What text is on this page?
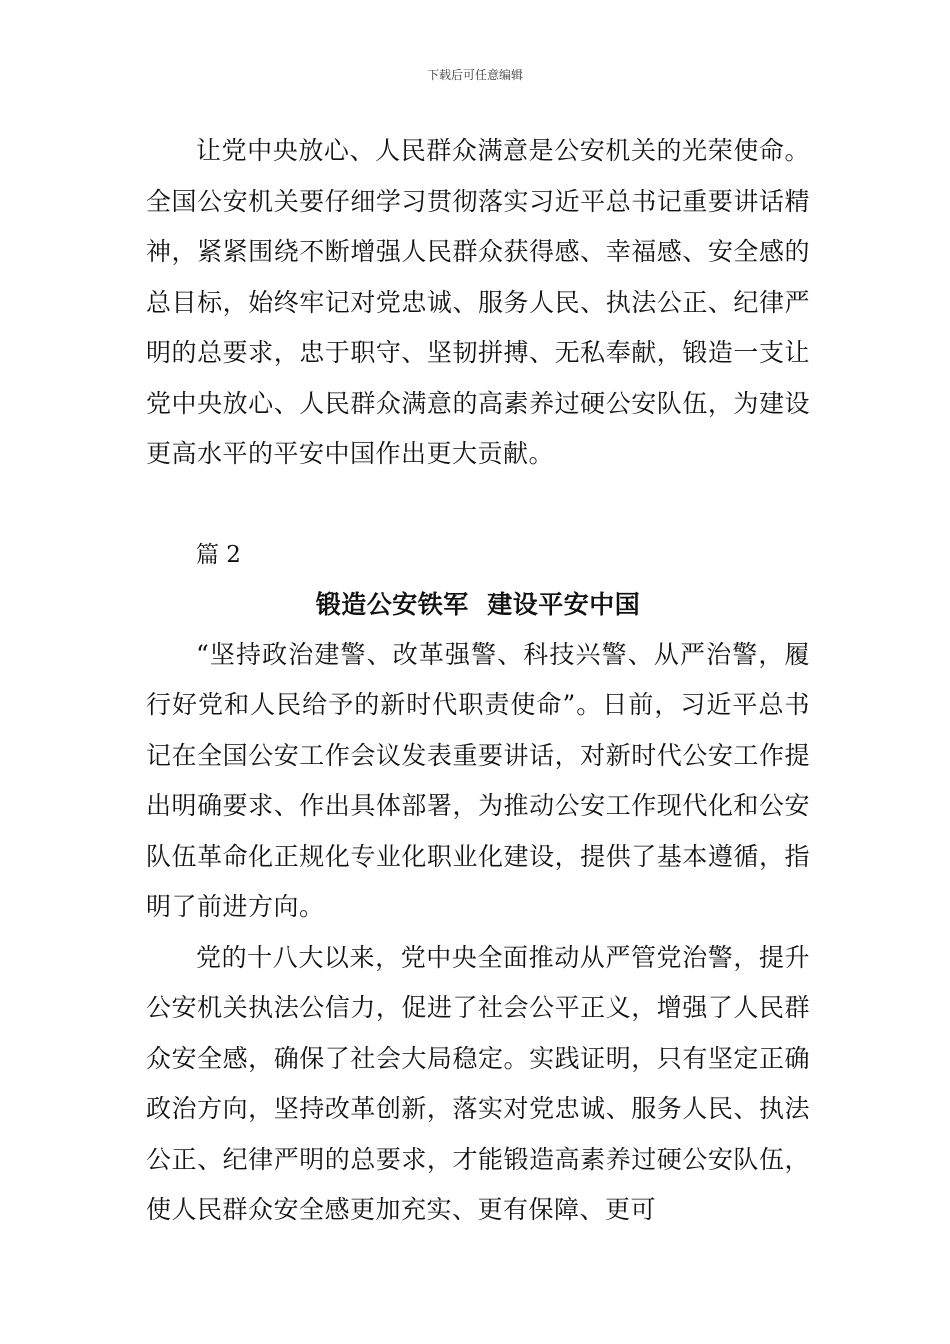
下载后可任意编辑

让党中央放心、人民群众满意是公安机关的光荣使命。全国公安机关要仔细学习贯彻落实习近平总书记重要讲话精神，紧紧围绕不断增强人民群众获得感、幸福感、安全感的总目标，始终牢记对党忠诚、服务人民、执法公正、纪律严明的总要求，忠于职守、坚韧拼搏、无私奉献，锻造一支让党中央放心、人民群众满意的高素养过硬公安队伍，为建设更高水平的平安中国作出更大贡献。

篇 2

锻造公安铁军  建设平安中国

“坚持政治建警、改革强警、科技兴警、从严治警，履行好党和人民给予的新时代职责使命”。日前，习近平总书记在全国公安工作会议发表重要讲话，对新时代公安工作提出明确要求、作出具体部署，为推动公安工作现代化和公安队伍革命化正规化专业化职业化建设，提供了基本遵循，指明了前进方向。

党的十八大以来，党中央全面推动从严管党治警，提升公安机关执法公信力，促进了社会公平正义，增强了人民群众安全感，确保了社会大局稳定。实践证明，只有坚定正确政治方向，坚持改革创新，落实对党忠诚、服务人民、执法公正、纪律严明的总要求，才能锻造高素养过硬公安队伍，使人民群众安全感更加充实、更有保障、更可
